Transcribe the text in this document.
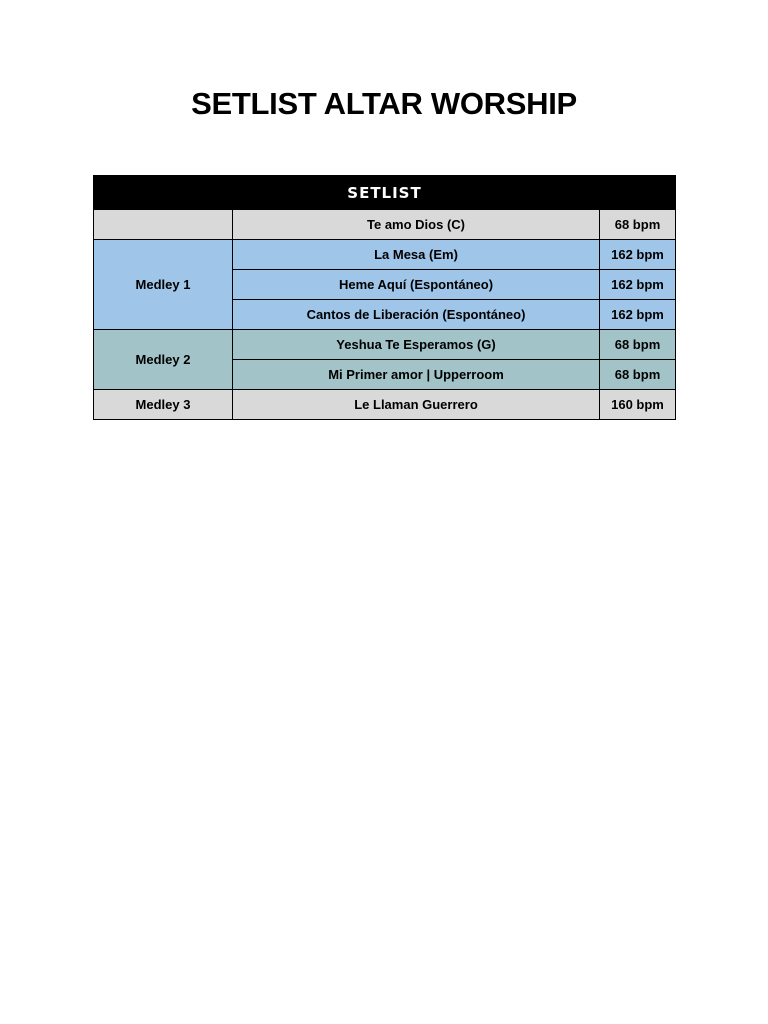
SETLIST ALTAR WORSHIP
SETLIST		
	Te amo Dios (C)	68 bpm
Medley 1	La Mesa (Em)	162 bpm
	Heme Aquí (Espontáneo)	162 bpm
	Cantos de Liberación (Espontáneo)	162 bpm
Medley 2	Yeshua Te Esperamos (G)	68 bpm
	Mi Primer amor | Upperroom	68 bpm
Medley 3	Le Llaman Guerrero	160 bpm
